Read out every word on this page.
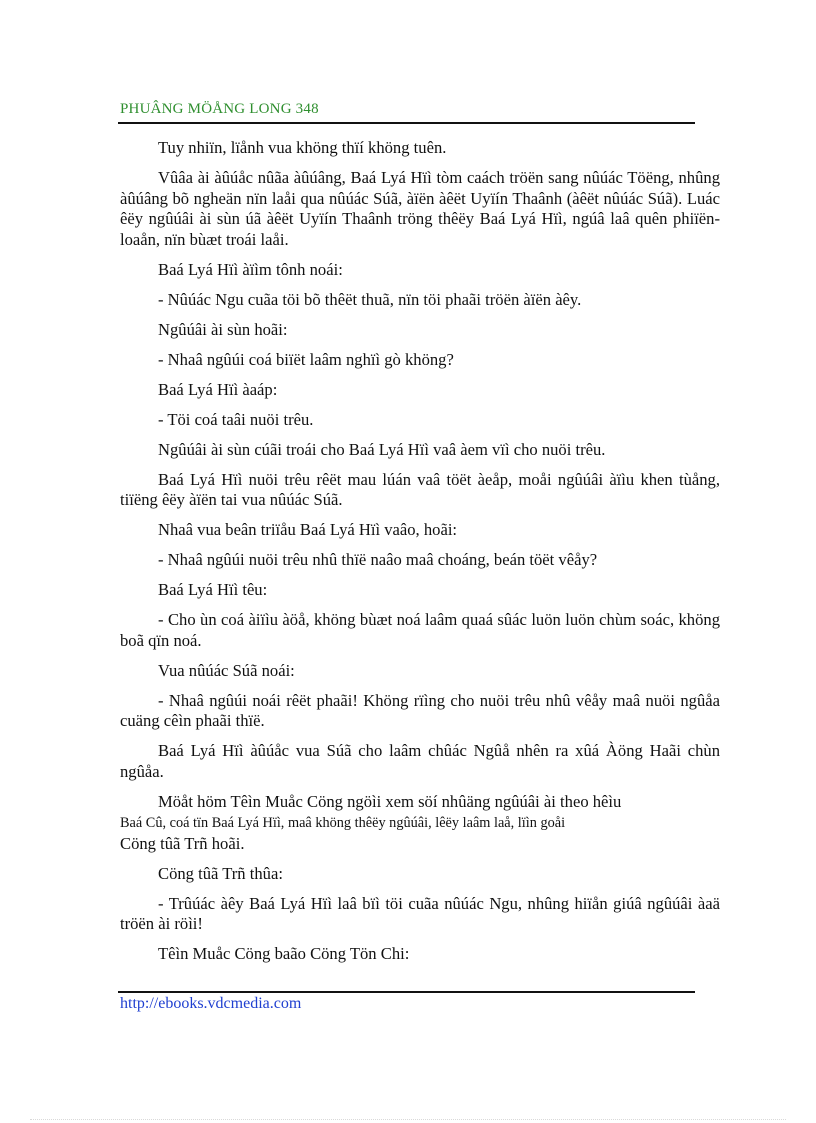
PHUÂNG MÖÅNG LONG 348

Tuy nhiïn, lïånh vua khöng thïí khöng tuên.

Vûâa ài àûúåc nûãa àûúâng, Baá Lyá Hïì tòm caách tröën sang nûúác Töëng, nhûng àûúâng bõ ngheän nïn laåi qua nûúác Súã, àïën àêët Uyïín Thaânh (àêët nûúác Súã). Luác êëy ngûúâi ài sùn úã àêët Uyïín Thaânh tröng thêëy Baá Lyá Hïì, ngúâ laâ quên phiïën-loaån, nïn bùæt troái laåi.

Baá Lyá Hïì àïìm tônh noái:

- Nûúác Ngu cuãa töi bõ thêët thuã, nïn töi phaãi tröën àïën àêy.

Ngûúâi ài sùn hoãi:

- Nhaâ ngûúi coá biïët laâm nghïì gò khöng?

Baá Lyá Hïì àaáp:

- Töi coá taâi nuöi trêu.

Ngûúâi ài sùn cúãi troái cho Baá Lyá Hïì vaâ àem vïì cho nuöi trêu.

Baá Lyá Hïì nuöi trêu rêët mau lúán vaâ töët àeåp, moåi ngûúâi àïìu khen tùång, tiïëng êëy àïën tai vua nûúác Súã.

Nhaâ vua beân triïåu Baá Lyá Hïì vaâo, hoãi:

- Nhaâ ngûúi nuöi trêu nhû thïë naâo maâ choáng, beán töët vêåy?

Baá Lyá Hïì têu:

- Cho ùn coá àiïìu àöå, khöng bùæt noá laâm quaá sûác luön luön chùm soác, khöng boã qïn noá.

Vua nûúác Súã noái:

- Nhaâ ngûúi noái rêët phaãi! Khöng rïìng cho nuöi trêu nhû vêåy maâ nuöi ngûåa cuäng cêìn phaãi thïë.

Baá Lyá Hïì àûúåc vua Súã cho laâm chûác Ngûå nhên ra xûá Àöng Haãi chùn ngûåa.

Möåt höm Têìn Muåc Cöng ngöìi xem söí nhûäng ngûúâi ài theo hêìu

Baá Cû, coá tïn Baá Lyá Hïì, maâ khöng thêëy ngûúâi, lêëy laâm laå, lïìn goåi

Cöng tûã Trñ hoãi.

Cöng tûã Trñ thûa:

- Trûúác àêy Baá Lyá Hïì laâ bïì töi cuãa nûúác Ngu, nhûng hiïån giúâ ngûúâi àaä tröën ài röìi!

Têìn Muåc Cöng baão Cöng Tön Chi:

http://ebooks.vdcmedia.com
